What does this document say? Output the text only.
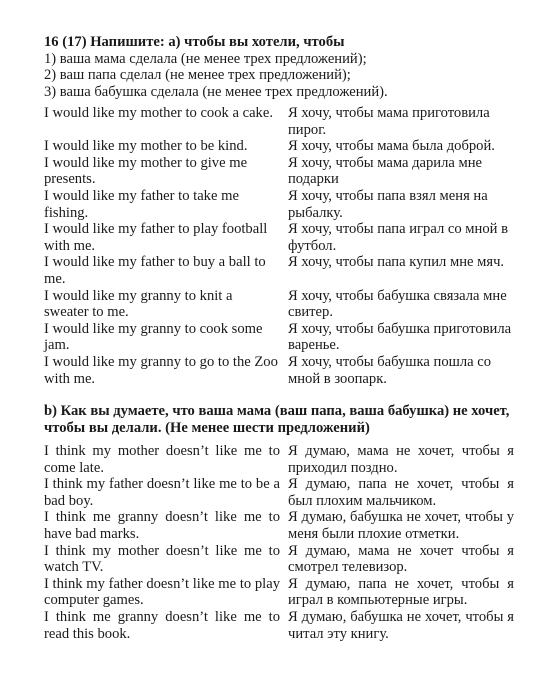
16 (17) Напишите: а) чтобы вы хотели, чтобы
1) ваша мама сделала (не менее трех предложений);
2) ваш папа сделал (не менее трех предложений);
3) ваша бабушка сделала (не менее трех предложений).
I would like my mother to cook a cake.	Я хочу, чтобы мама приготовила пирог.
I would like my mother to be kind.	Я хочу, чтобы мама была доброй.
I would like my mother to give me presents.
Я хочу, чтобы мама дарила мне подарки
I would like my father to take me fishing.
Я хочу, чтобы папа взял меня на рыбалку.
I would like my father to play football with me.
Я хочу, чтобы папа играл со мной в футбол.
I would like my father to buy a ball to me.
Я хочу, чтобы папа купил мне мяч.
I would like my granny to knit a sweater to me.
Я хочу, чтобы бабушка связала мне свитер.
I would like my granny to cook some jam.
Я хочу, чтобы бабушка приготовила варенье.
I would like my granny to go to the Zoo with me.
Я хочу, чтобы бабушка пошла со мной в зоопарк.
b) Как вы думаете, что ваша мама (ваш папа, ваша бабушка) не хочет, чтобы вы делали. (Не менее шести предложений)
I think my mother doesn’t like me to come late.
Я думаю, мама не хочет, чтобы я приходил поздно.
I think my father doesn’t like me to be a bad boy.
Я думаю, папа не хочет, чтобы я был плохим мальчиком.
I think me granny doesn’t like me to have bad marks.
Я думаю, бабушка не хочет, чтобы у меня были плохие отметки.
I think my mother doesn’t like me to watch TV.
Я думаю, мама не хочет чтобы я смотрел телевизор.
I think my father doesn’t like me to play computer games.
Я думаю, папа не хочет, чтобы я играл в компьютерные игры.
I think me granny doesn’t like me to read this book.
Я думаю, бабушка не хочет, чтобы я читал эту книгу.
